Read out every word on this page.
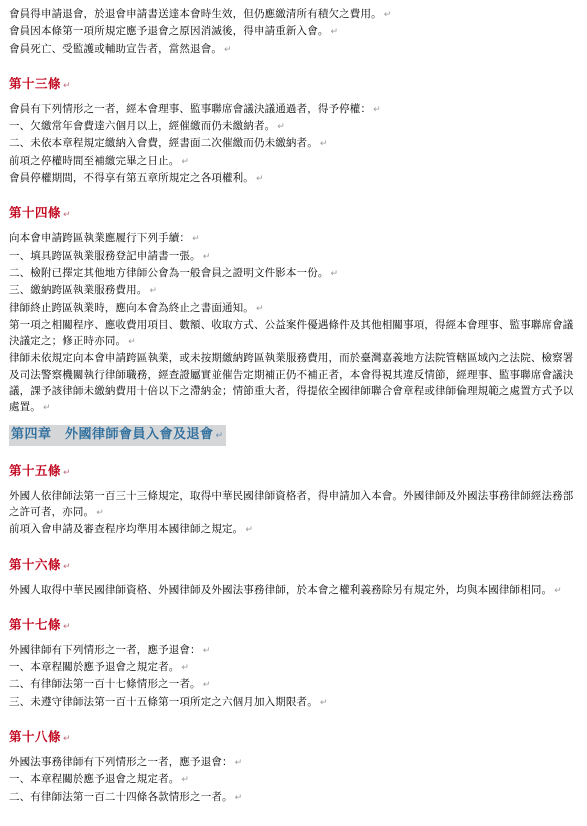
會員得申請退會，於退會申請書送達本會時生效，但仍應繳清所有積欠之費用。 ↵
會員因本條第一項所規定應予退會之原因消滅後，得申請重新入會。 ↵
會員死亡、受監護或輔助宣告者，當然退會。 ↵
第十三條 ↵
會員有下列情形之一者，經本會理事、監事聯席會議決議通過者，得予停權： ↵
一、欠繳常年會費達六個月以上，經催繳而仍未繳納者。 ↵
二、未依本章程規定繳納入會費，經書面二次催繳而仍未繳納者。 ↵
前項之停權時間至補繳完畢之日止。 ↵
會員停權期間，不得享有第五章所規定之各項權利。 ↵
第十四條 ↵
向本會申請跨區執業應履行下列手續： ↵
一、填具跨區執業服務登記申請書一張。 ↵
二、檢附已擇定其他地方律師公會為一般會員之證明文件影本一份。 ↵
三、繳納跨區執業服務費用。 ↵
律師終止跨區執業時，應向本會為終止之書面通知。 ↵
第一項之相關程序、應收費用項目、數額、收取方式、公益案件優遇條件及其他相關事項，得經本會理事、監事聯席會議決議定之；修正時亦同。 ↵
律師未依規定向本會申請跨區執業，或未按期繳納跨區執業服務費用，而於臺灣嘉義地方法院管轄區域內之法院、檢察署及司法警察機關執行律師職務，經查證屬實並催告定期補正仍不補正者，本會得視其違反情節，經理事、監事聯席會議決議，課予該律師未繳納費用十倍以下之滯納金；情節重大者，得提依全國律師聯合會章程或律師倫理規範之處置方式予以處置。 ↵
第四章　外國律師會員入會及退會 ↵
第十五條 ↵
外國人依律師法第一百三十三條規定，取得中華民國律師資格者，得申請加入本會。外國律師及外國法事務律師經法務部之許可者，亦同。 ↵
前項入會申請及審查程序均準用本國律師之規定。 ↵
第十六條 ↵
外國人取得中華民國律師資格、外國律師及外國法事務律師，於本會之權利義務除另有規定外，均與本國律師相同。 ↵
第十七條 ↵
外國律師有下列情形之一者，應予退會： ↵
一、本章程關於應予退會之規定者。 ↵
二、有律師法第一百十七條情形之一者。 ↵
三、未遵守律師法第一百十五條第一項所定之六個月加入期限者。 ↵
第十八條 ↵
外國法事務律師有下列情形之一者，應予退會： ↵
一、本章程關於應予退會之規定者。 ↵
二、有律師法第一百二十四條各款情形之一者。 ↵
